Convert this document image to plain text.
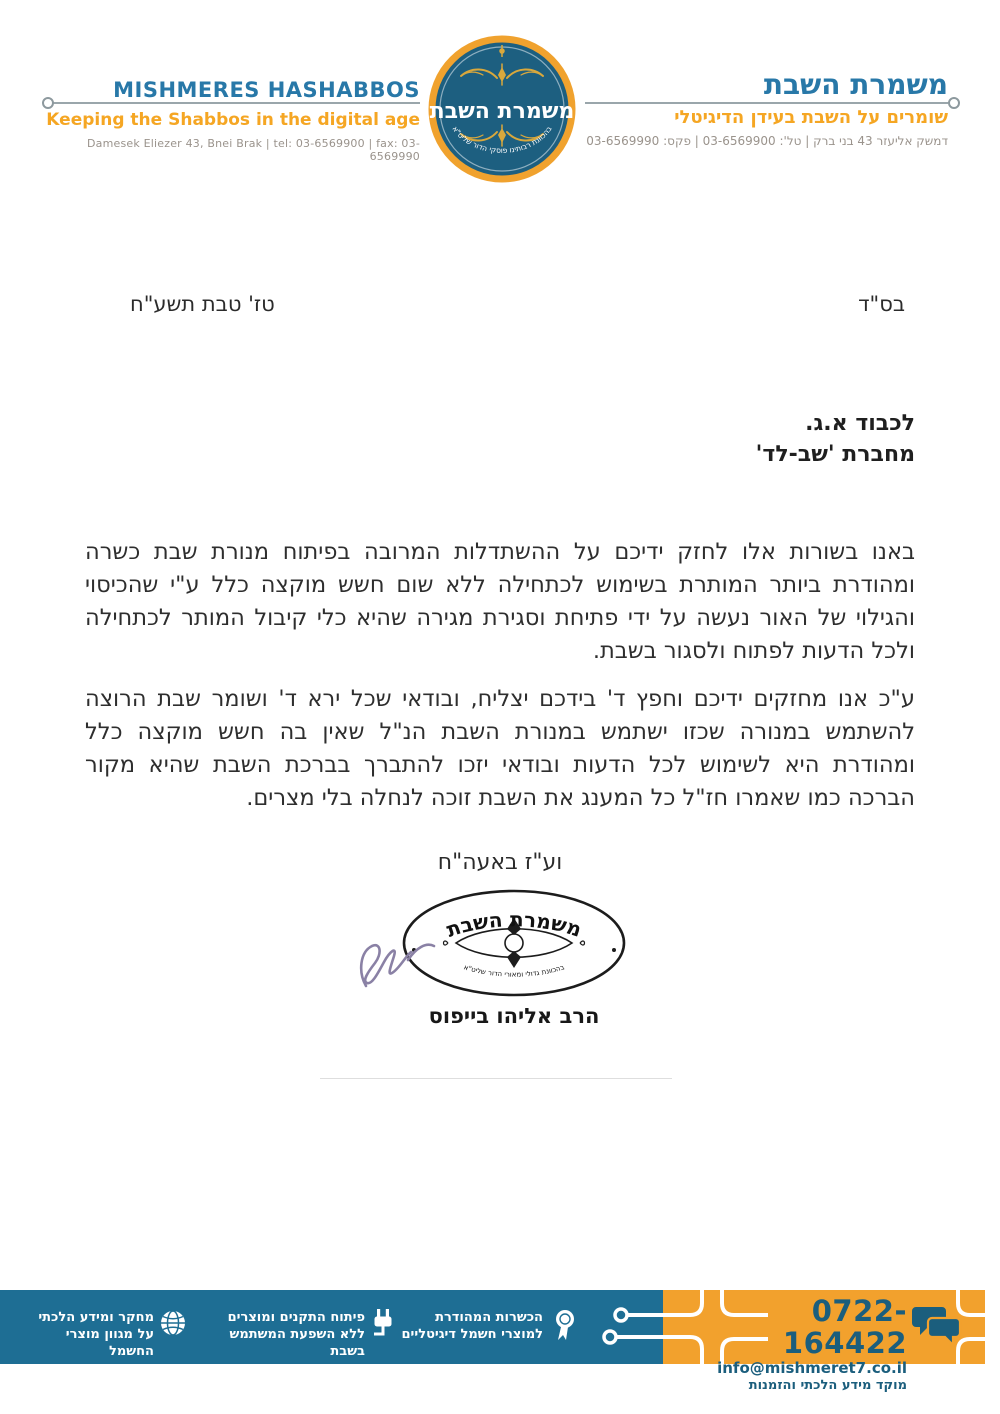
MISHMERES HASHABBOS
Keeping the Shabbos in the digital age
Damesek Eliezer 43, Bnei Brak | tel: 03-6569900 | fax: 03-6569990
משמרת השבת
שומרים על השבת בעידן הדיגיטלי
דמשק אליעזר 43 בני ברק | טל': 03-6569900 | פקס: 03-6569990
משמרת השבת
בהכוונת רבותינו פוסקי הדור שליט"א
בס"ד
טז' טבת תשע"ח
לכבוד א.ג.
מחברת 'שב-לד'

באנו בשורות אלו לחזק ידיכם על ההשתדלות המרובה בפיתוח מנורת שבת כשרה ומהודרת ביותר המותרת בשימוש לכתחילה ללא שום חשש מוקצה כלל ע"י שהכיסוי והגילוי של האור נעשה על ידי פתיחת וסגירת מגירה שהיא כלי קיבול המותר לכתחילה ולכל הדעות לפתוח ולסגור בשבת.

ע"כ אנו מחזקים ידיכם וחפץ ד' בידכם יצליח, ובודאי שכל ירא ד' ושומר שבת הרוצה להשתמש במנורה שכזו ישתמש במנורת השבת הנ"ל שאין בה חשש מוקצה כלל ומהודרת היא לשימוש לכל הדעות ובודאי יזכו להתברך בברכת השבת שהיא מקור הברכה כמו שאמרו חז"ל כל המענג את השבת זוכה לנחלה בלי מצרים.

וע"ז באעה"ח
משמרת השבת
בהכוונת גדולי ומאורי הדור שליט"א
הרב אליהו בייפוס
הכשרות המהודרת
למוצרי חשמל דיגיטליים
פיתוח התקנים ומוצרים
ללא השפעת המשתמש בשבת
מחקר ומידע הלכתי
על מגוון מוצרי החשמל
0722-164422
info@mishmeret7.co.il
מוקד מידע הלכתי והזמנות
